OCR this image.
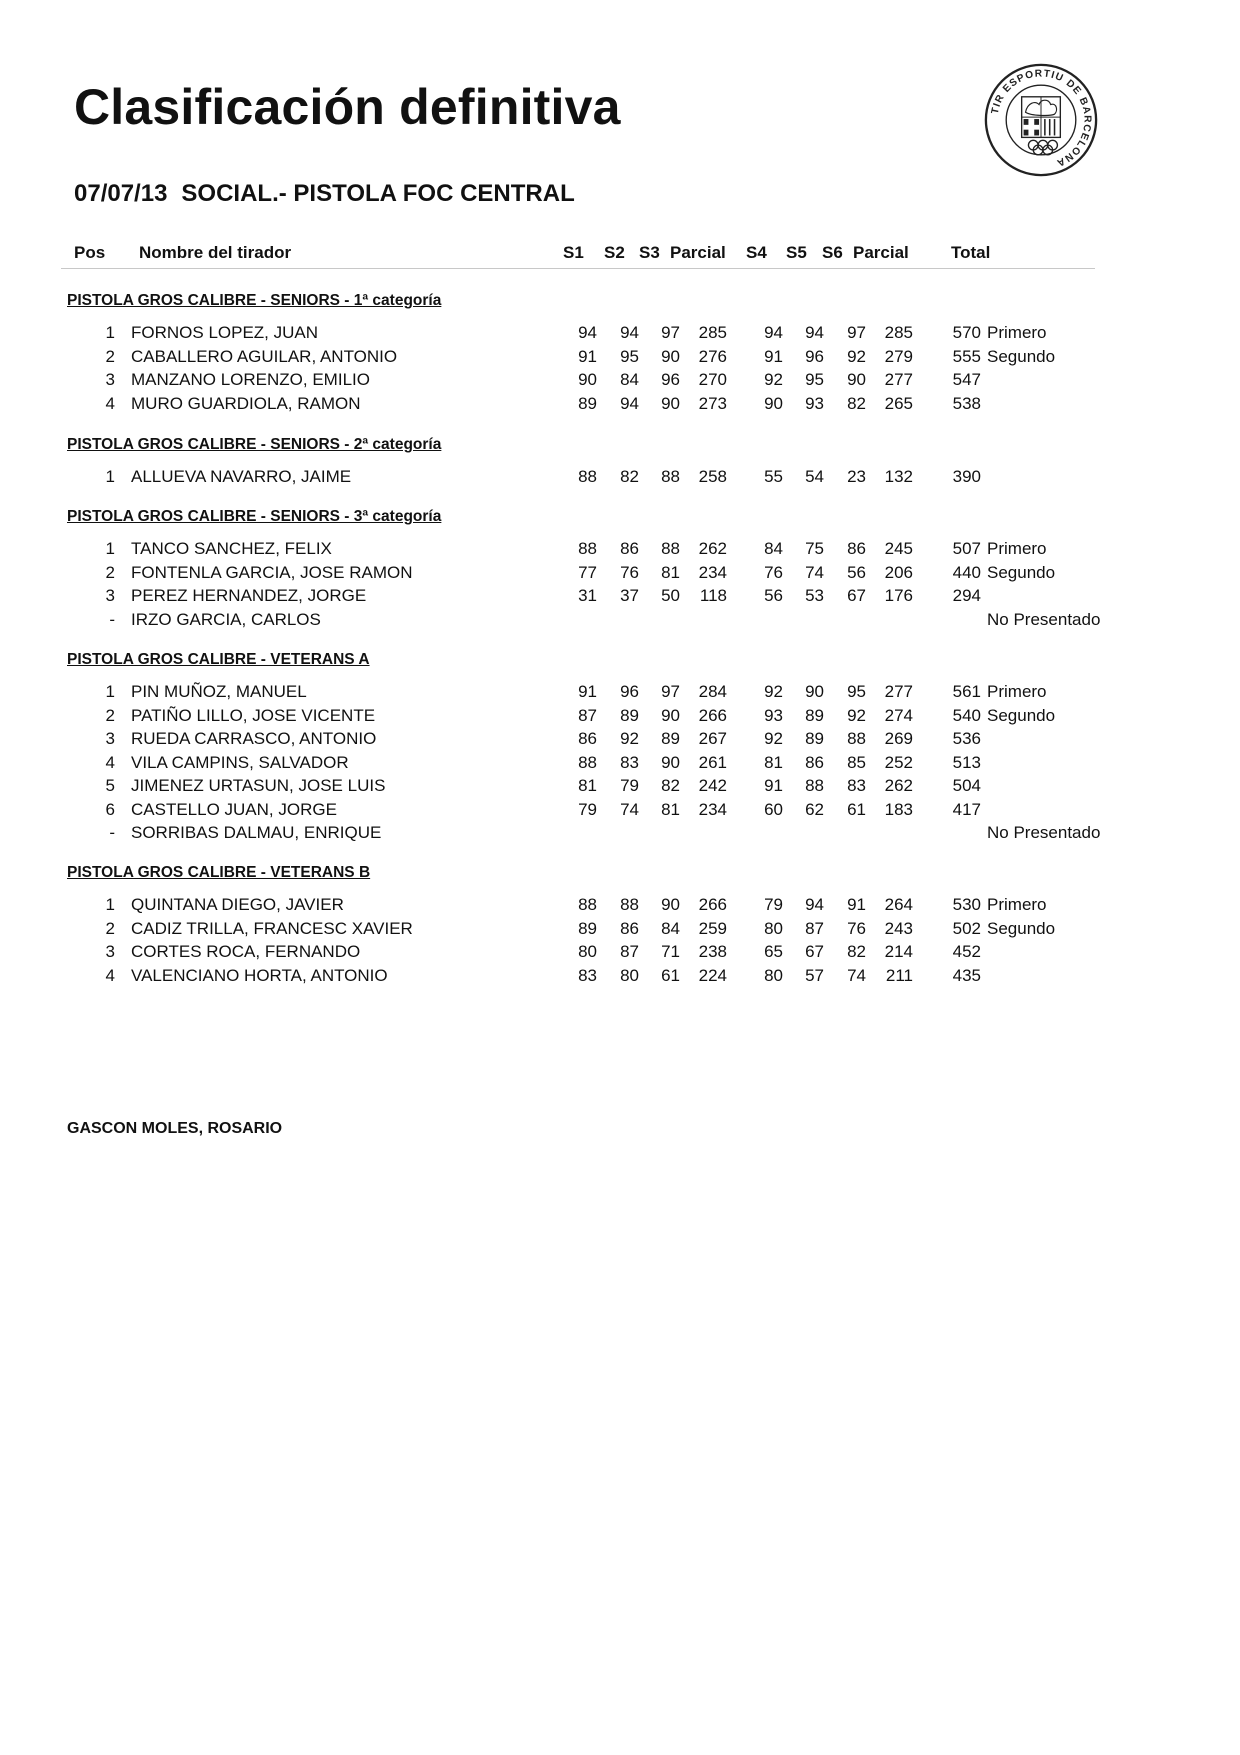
Clasificación definitiva
07/07/13 SOCIAL.- PISTOLA FOC CENTRAL
TIR ESPORTIU DE BARCELONA
Pos Nombre del tirador	S1 S2 S3 Parcial S4 S5 S6 Parcial Total
PISTOLA GROS CALIBRE - SENIORS - 1ª categoría
1 FORNOS LOPEZ, JUAN	94 94 97 285 94 94 97 285 570 Primero
2 CABALLERO AGUILAR, ANTONIO	91 95 90 276 91 96 92 279 555 Segundo
3 MANZANO LORENZO, EMILIO	90 84 96 270 92 95 90 277 547
4 MURO GUARDIOLA, RAMON	89 94 90 273 90 93 82 265 538
PISTOLA GROS CALIBRE - SENIORS - 2ª categoría
1 ALLUEVA NAVARRO, JAIME	88 82 88 258 55 54 23 132 390
PISTOLA GROS CALIBRE - SENIORS - 3ª categoría
1 TANCO SANCHEZ, FELIX	88 86 88 262 84 75 86 245 507 Primero
2 FONTENLA GARCIA, JOSE RAMON	77 76 81 234 76 74 56 206 440 Segundo
3 PEREZ HERNANDEZ, JORGE	31 37 50 118 56 53 67 176 294
- IRZO GARCIA, CARLOS	No Presentado
PISTOLA GROS CALIBRE - VETERANS A
1 PIN MUÑOZ, MANUEL	91 96 97 284 92 90 95 277 561 Primero
2 PATIÑO LILLO, JOSE VICENTE	87 89 90 266 93 89 92 274 540 Segundo
3 RUEDA CARRASCO, ANTONIO	86 92 89 267 92 89 88 269 536
4 VILA CAMPINS, SALVADOR	88 83 90 261 81 86 85 252 513
5 JIMENEZ URTASUN, JOSE LUIS	81 79 82 242 91 88 83 262 504
6 CASTELLO JUAN, JORGE	79 74 81 234 60 62 61 183 417
- SORRIBAS DALMAU, ENRIQUE	No Presentado
PISTOLA GROS CALIBRE - VETERANS B
1 QUINTANA DIEGO, JAVIER	88 88 90 266 79 94 91 264 530 Primero
2 CADIZ TRILLA, FRANCESC XAVIER	89 86 84 259 80 87 76 243 502 Segundo
3 CORTES ROCA, FERNANDO	80 87 71 238 65 67 82 214 452
4 VALENCIANO HORTA, ANTONIO	83 80 61 224 80 57 74 211 435
GASCON MOLES, ROSARIO
